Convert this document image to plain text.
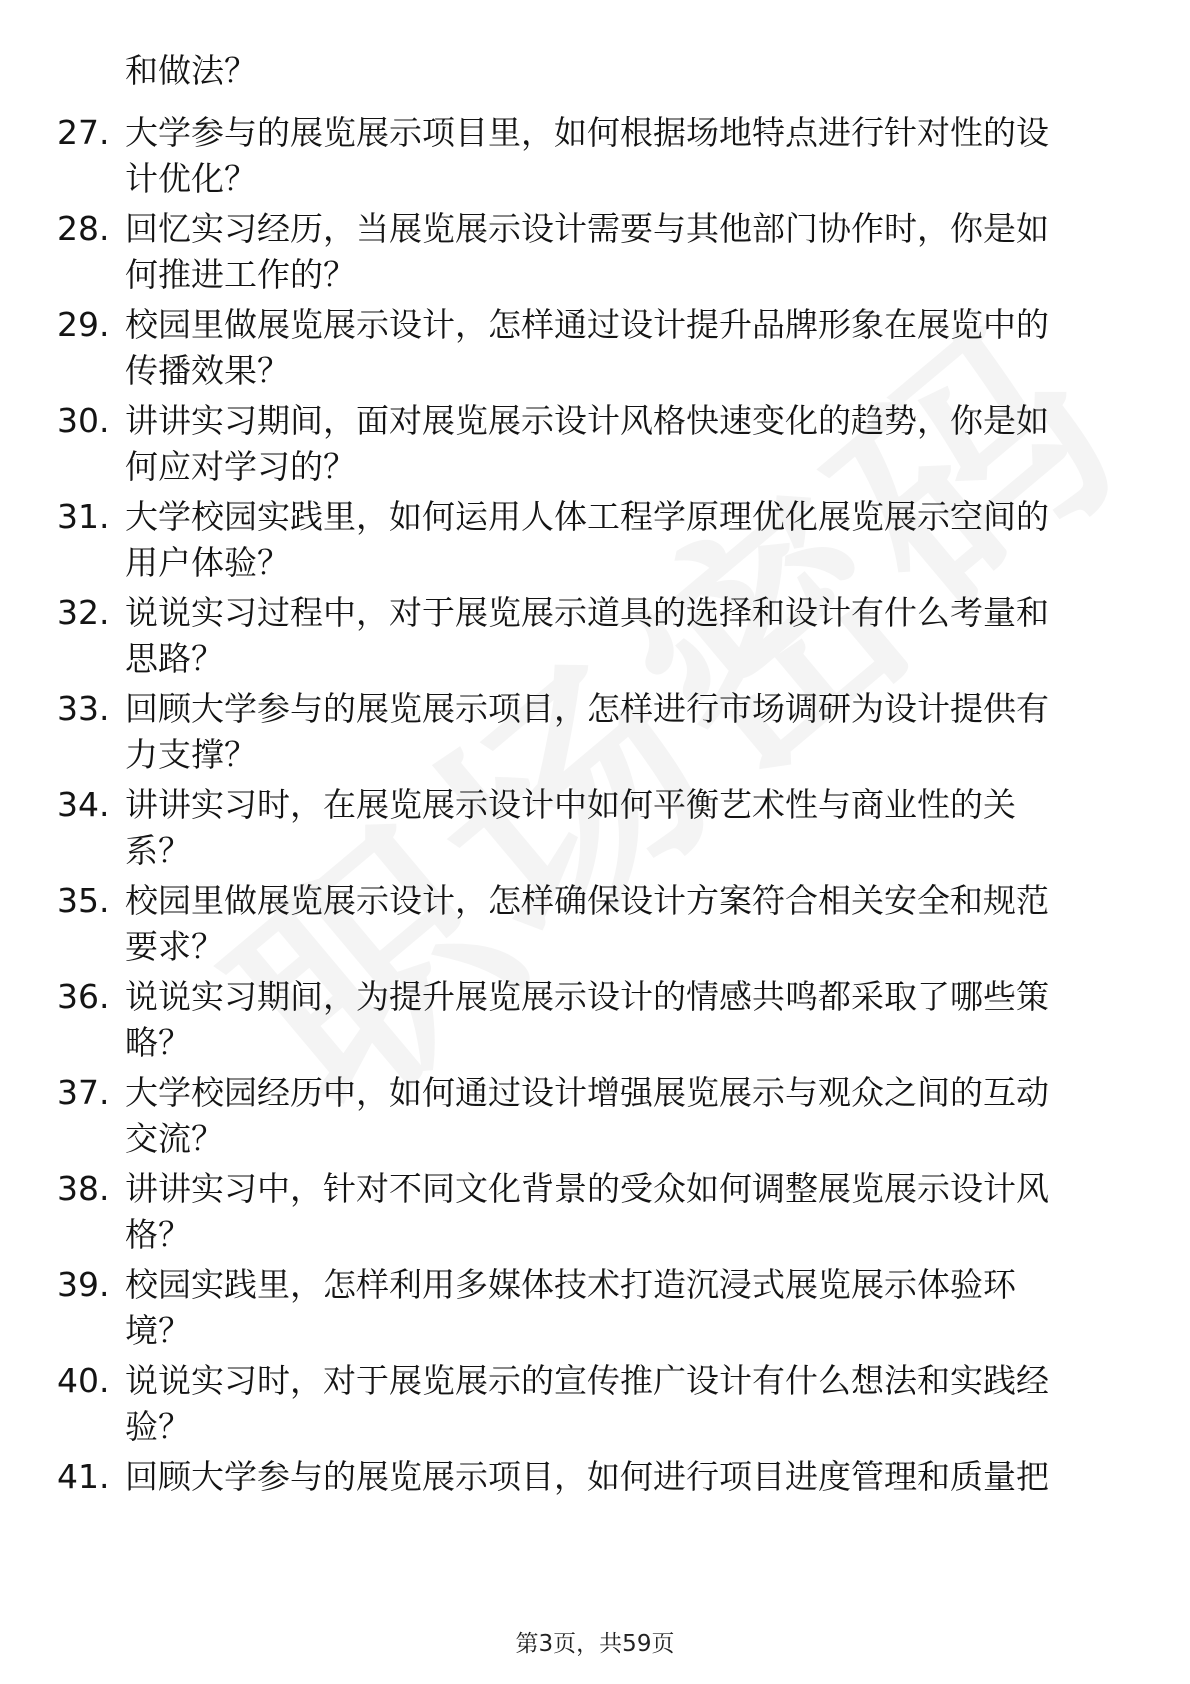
和做法？

27. 大学参与的展览展示项目里，如何根据场地特点进行针对性的设
计优化？

28. 回忆实习经历，当展览展示设计需要与其他部门协作时，你是如
何推进工作的？

29. 校园里做展览展示设计，怎样通过设计提升品牌形象在展览中的
传播效果？

30. 讲讲实习期间，面对展览展示设计风格快速变化的趋势，你是如
何应对学习的？

31. 大学校园实践里，如何运用人体工程学原理优化展览展示空间的
用户体验？

32. 说说实习过程中，对于展览展示道具的选择和设计有什么考量和
思路？

33. 回顾大学参与的展览展示项目，怎样进行市场调研为设计提供有
力支撑？

34. 讲讲实习时，在展览展示设计中如何平衡艺术性与商业性的关
系？

35. 校园里做展览展示设计，怎样确保设计方案符合相关安全和规范
要求？

36. 说说实习期间，为提升展览展示设计的情感共鸣都采取了哪些策
略？

37. 大学校园经历中，如何通过设计增强展览展示与观众之间的互动
交流？

38. 讲讲实习中，针对不同文化背景的受众如何调整展览展示设计风
格？

39. 校园实践里，怎样利用多媒体技术打造沉浸式展览展示体验环
境？

40. 说说实习时，对于展览展示的宣传推广设计有什么想法和实践经
验？

41. 回顾大学参与的展览展示项目，如何进行项目进度管理和质量把

第3页，共59页
